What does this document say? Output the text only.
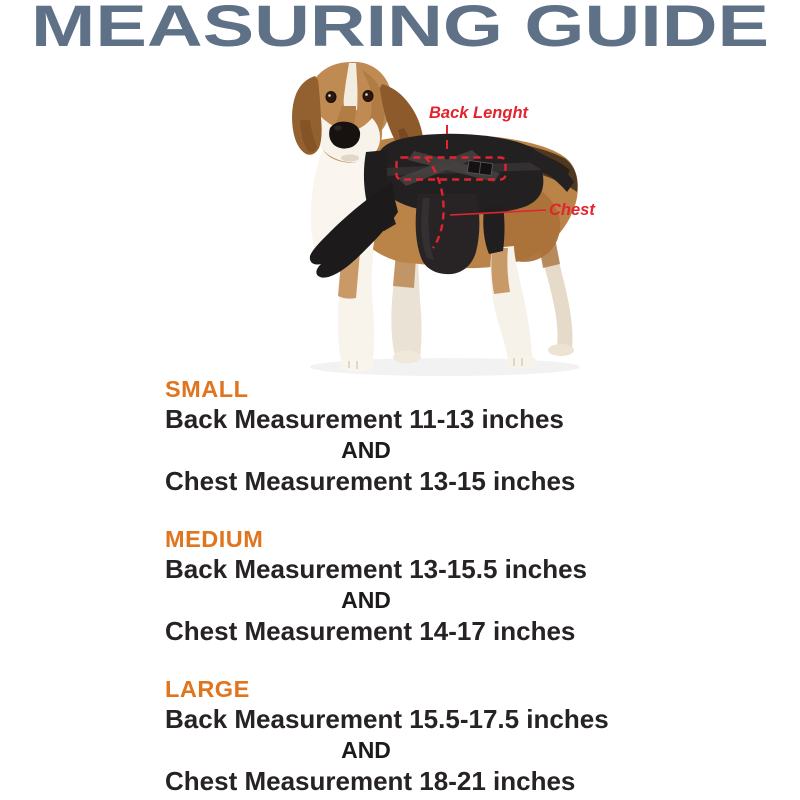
MEASURING GUIDE
Back Lenght
Chest
SMALL
Back Measurement 11-13 inches
AND
Chest Measurement 13-15 inches
MEDIUM
Back Measurement 13-15.5 inches
AND
Chest Measurement 14-17 inches
LARGE
Back Measurement 15.5-17.5 inches
AND
Chest Measurement 18-21 inches
